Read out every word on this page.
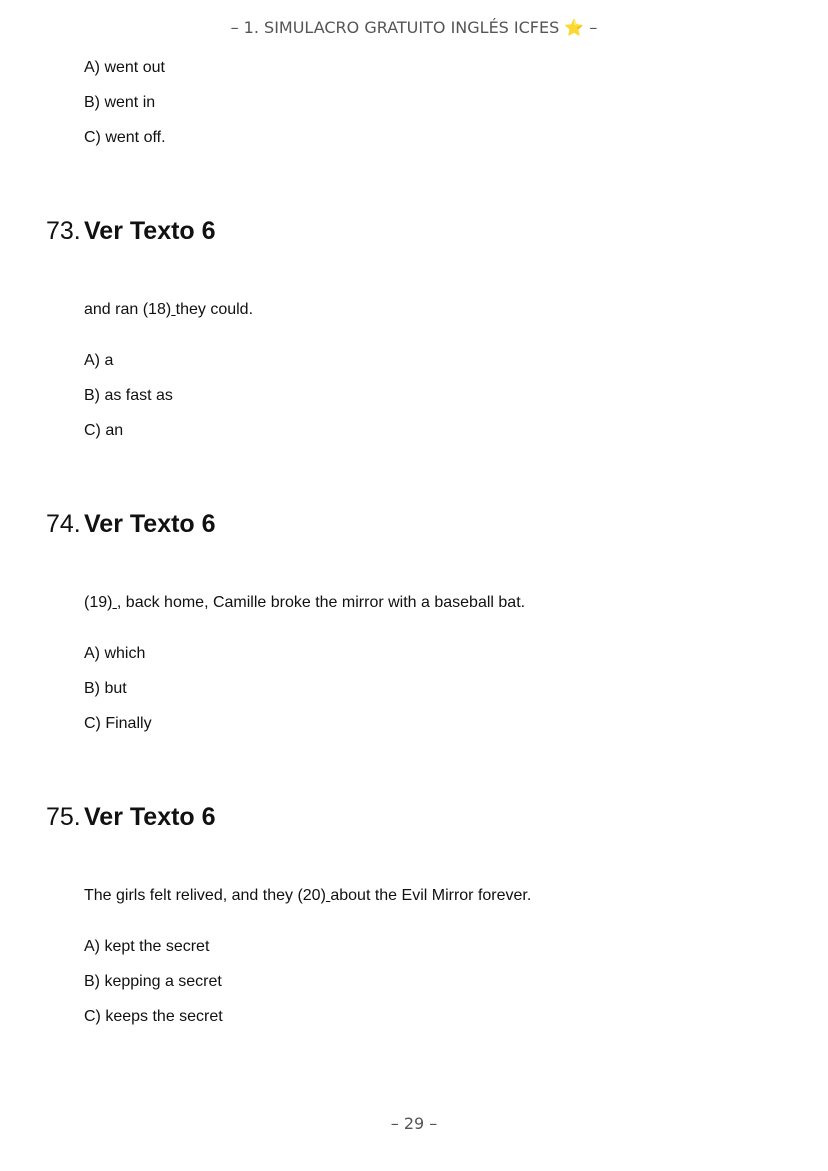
– 1. SIMULACRO GRATUITO INGLÉS ICFES ⭐ –
A) went out
B) went in
C) went off.
73. Ver Texto 6
and ran (18) they could.
A) a
B) as fast as
C) an
74. Ver Texto 6
(19) , back home, Camille broke the mirror with a baseball bat.
A) which
B) but
C) Finally
75. Ver Texto 6
The girls felt relived, and they (20) about the Evil Mirror forever.
A) kept the secret
B) kepping a secret
C) keeps the secret
– 29 –
